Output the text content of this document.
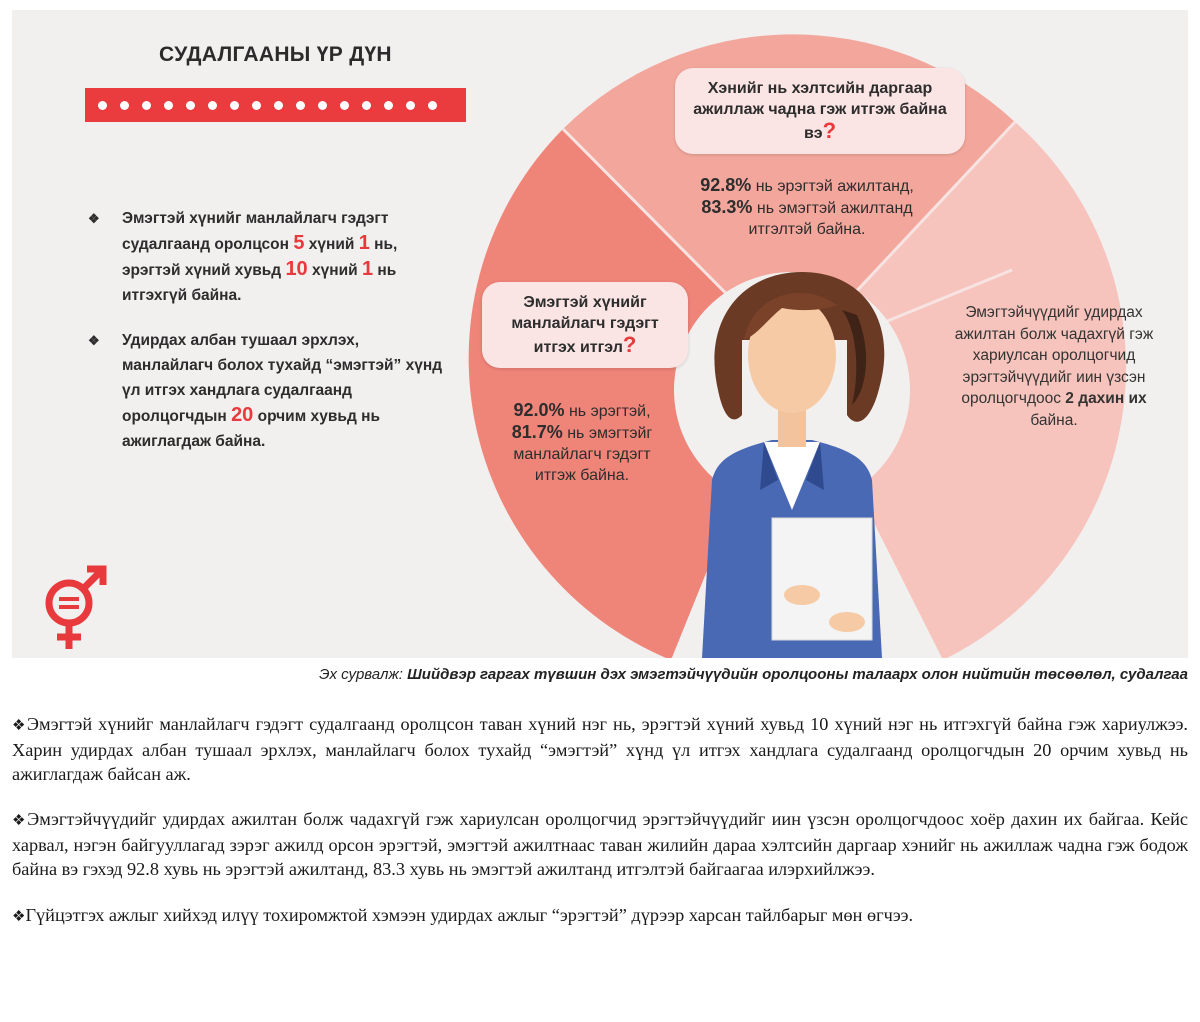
СУДАЛГААНЫ ҮР ДҮН
❖	Эмэгтэй хүнийг манлайлагч гэдэгт судалгаанд оролцсон 5 хүний 1 нь, эрэгтэй хүний хувьд 10 хүний 1 нь итгэхгүй байна.
❖	Удирдах албан тушаал эрхлэх, манлайлагч болох тухайд “эмэгтэй” хүнд үл итгэх хандлага судалгаанд оролцогчдын 20 орчим хувьд нь ажиглагдаж байна.
Хэнийг нь хэлтсийн даргаар ажиллаж чадна гэж итгэж байна вэ?
92.8% нь эрэгтэй ажилтанд,
83.3% нь эмэгтэй ажилтанд
итгэлтэй байна.
Эмэгтэй хүнийг манлайлагч гэдэгт итгэх итгэл?
92.0% нь эрэгтэй,
81.7% нь эмэгтэйг
манлайлагч гэдэгт
итгэж байна.
Эмэгтэйчүүдийг удирдах ажилтан болж чадахгүй гэж хариулсан оролцогчид эрэгтэйчүүдийг иин үзсэн оролцогчдоос 2 дахин их байна.
Эх сурвалж: Шийдвэр гаргах түвшин дэх эмэгтэйчүүдийн оролцооны талаарх олон нийтийн төсөөлөл, судалгаа

❖Эмэгтэй хүнийг манлайлагч гэдэгт судалгаанд оролцсон таван хүний нэг нь, эрэгтэй хүний хувьд 10 хүний нэг нь итгэхгүй байна гэж хариулжээ. Харин удирдах албан тушаал эрхлэх, манлайлагч болох тухайд “эмэгтэй” хүнд үл итгэх хандлага судалгаанд оролцогчдын 20 орчим хувьд нь ажиглагдаж байсан аж.

❖Эмэгтэйчүүдийг удирдах ажилтан болж чадахгүй гэж хариулсан оролцогчид эрэгтэйчүүдийг иин үзсэн оролцогчдоос хоёр дахин их байгаа. Кейс харвал, нэгэн байгууллагад зэрэг ажилд орсон эрэгтэй, эмэгтэй ажилтнаас таван жилийн дараа хэлтсийн даргаар хэнийг нь ажиллаж чадна гэж бодож байна вэ гэхэд 92.8 хувь нь эрэгтэй ажилтанд, 83.3 хувь нь эмэгтэй ажилтанд итгэлтэй байгаагаа илэрхийлжээ.

❖Гүйцэтгэх ажлыг хийхэд илүү тохиромжтой хэмээн удирдах ажлыг “эрэгтэй” дүрээр харсан тайлбарыг мөн өгчээ.
